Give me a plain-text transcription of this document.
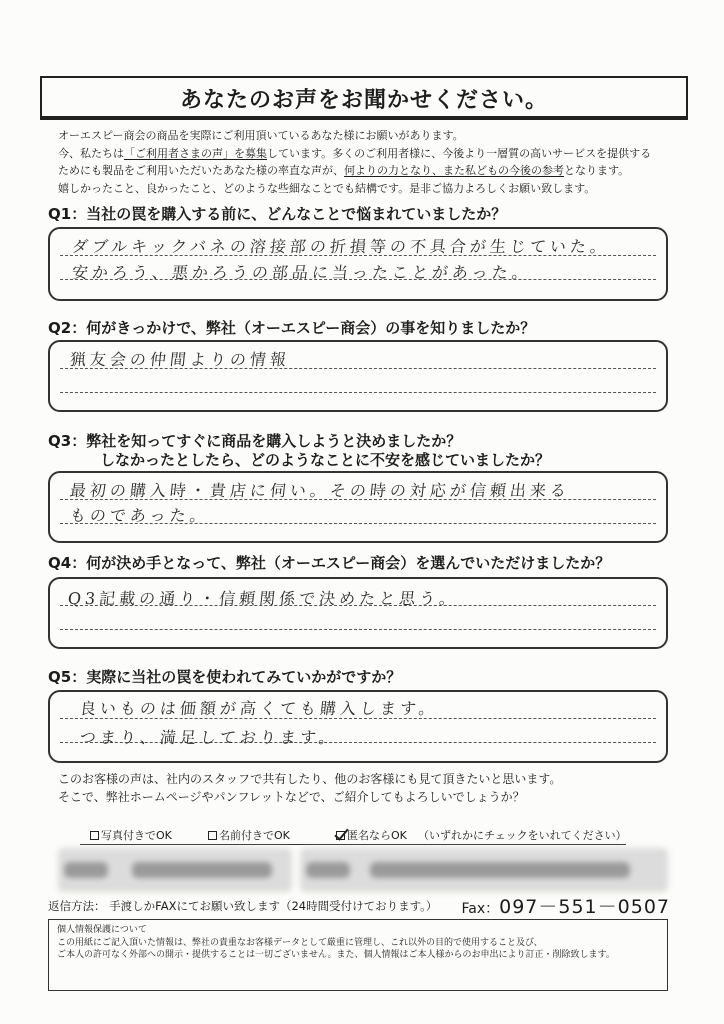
あなたのお声をお聞かせください。
オーエスピー商会の商品を実際にご利用頂いているあなた様にお願いがあります。
今、私たちは「ご利用者さまの声」を募集しています。多くのご利用者様に、今後より一層質の高いサービスを提供する
ためにも製品をご利用いただいたあなた様の率直な声が、何よりの力となり、また私どもの今後の参考となります。
嬉しかったこと、良かったこと、どのような些細なことでも結構です。是非ご協力よろしくお願い致します。
Q1：当社の罠を購入する前に、どんなことで悩まれていましたか？
ダブルキックバネの溶接部の折損等の不具合が生じていた。
安かろう、悪かろうの部品に当ったことがあった。
Q2：何がきっかけで、弊社（オーエスピー商会）の事を知りましたか？
猟友会の仲間よりの情報
Q3：弊社を知ってすぐに商品を購入しようと決めましたか？
しなかったとしたら、どのようなことに不安を感じていましたか？
最初の購入時・貴店に伺い。その時の対応が信頼出来る
ものであった。
Q4：何が決め手となって、弊社（オーエスピー商会）を選んでいただけましたか？
Q3記載の通り・信頼関係で決めたと思う。
Q5：実際に当社の罠を使われてみていかがですか？
良いものは価額が高くても購入します。
つまり、満足しております。
このお客様の声は、社内のスタッフで共有したり、他のお客様にも見て頂きたいと思います。
そこで、弊社ホームページやパンフレットなどで、ご紹介してもよろしいでしょうか？
写真付きでOK	名前付きでOK	匿名ならOK （いずれかにチェックをいれてください）
返信方法： 手渡しかFAXにてお願い致します（24時間受付けております。） Fax： 097－551－0507
個人情報保護について
この用紙にご記入頂いた情報は、弊社の貴重なお客様データとして厳重に管理し、これ以外の目的で使用すること及び、
ご本人の許可なく外部への開示・提供することは一切ございません。また、個人情報はご本人様からのお申出により訂正・削除致します。
